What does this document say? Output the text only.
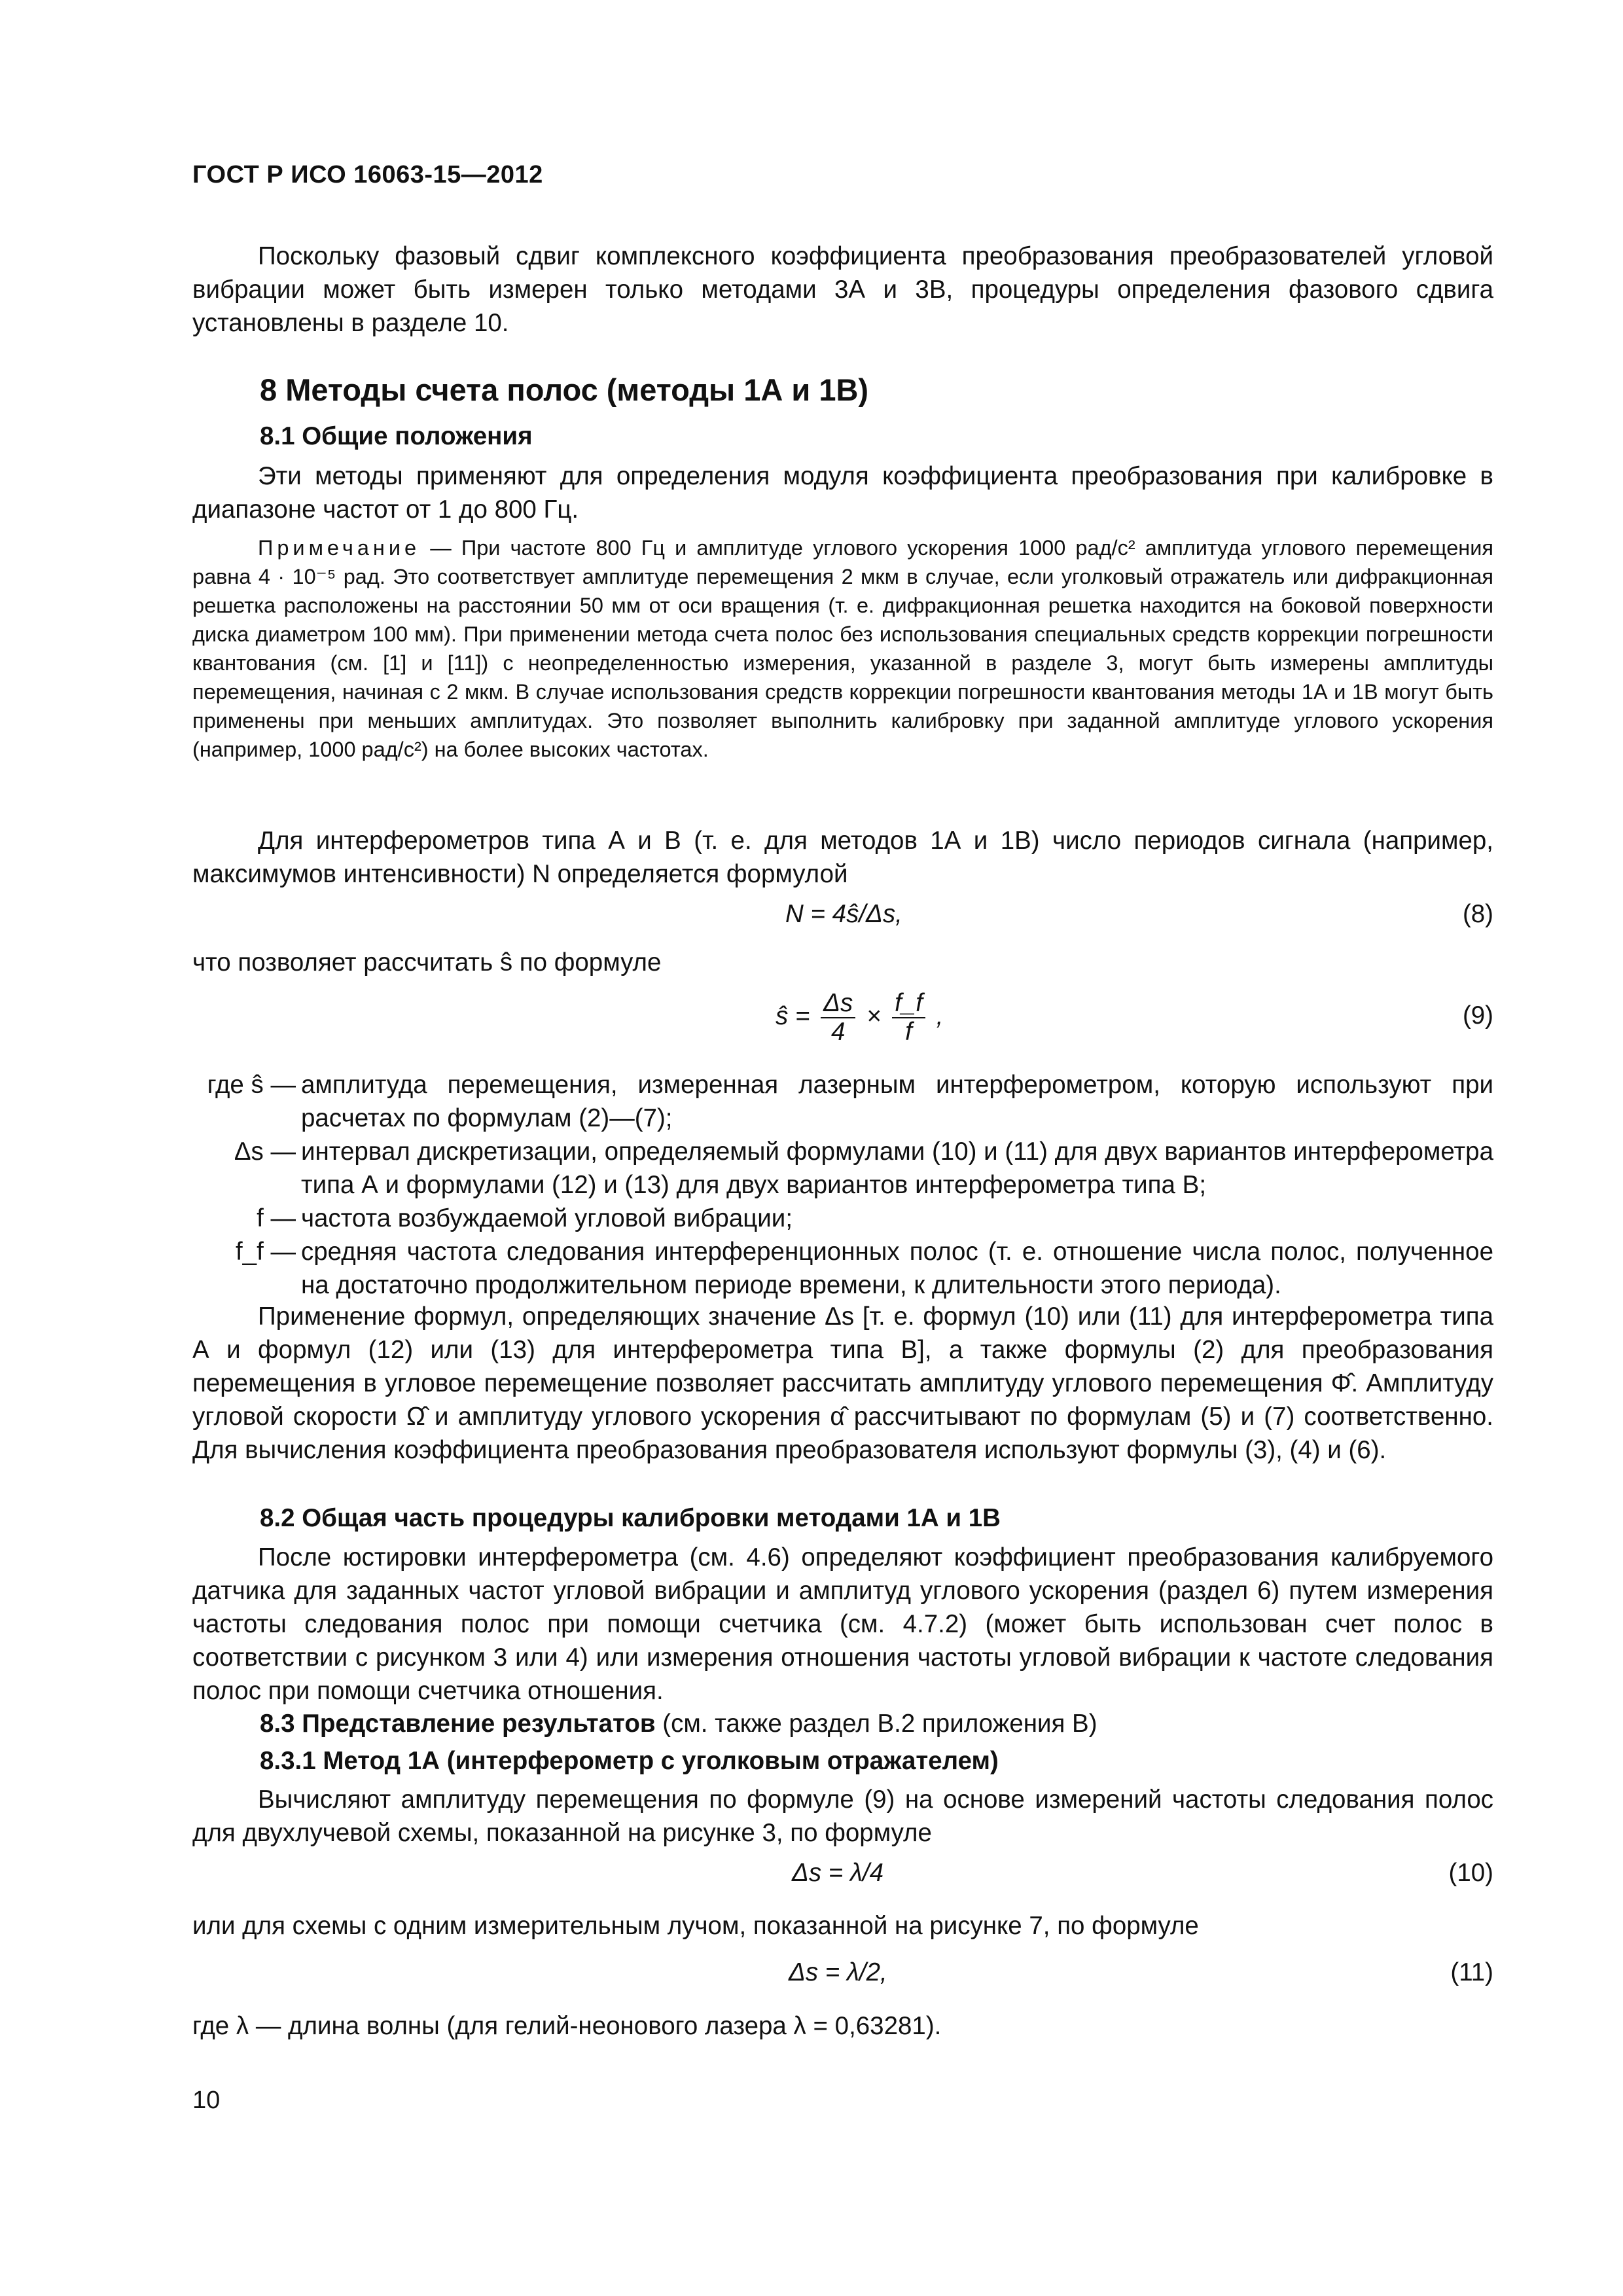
ГОСТ Р ИСО 16063-15—2012
Поскольку фазовый сдвиг комплексного коэффициента преобразования преобразователей угловой вибрации может быть измерен только методами 3А и 3В, процедуры определения фазового сдвига установлены в разделе 10.
8 Методы счета полос (методы 1А и 1В)
8.1 Общие положения
Эти методы применяют для определения модуля коэффициента преобразования при калибровке в диапазоне частот от 1 до 800 Гц.
Примечание — При частоте 800 Гц и амплитуде углового ускорения 1000 рад/с² амплитуда углового перемещения равна 4 · 10⁻⁵ рад. Это соответствует амплитуде перемещения 2 мкм в случае, если уголковый отражатель или дифракционная решетка расположены на расстоянии 50 мм от оси вращения (т. е. дифракционная решетка находится на боковой поверхности диска диаметром 100 мм). При применении метода счета полос без использования специальных средств коррекции погрешности квантования (см. [1] и [11]) с неопределенностью измерения, указанной в разделе 3, могут быть измерены амплитуды перемещения, начиная с 2 мкм. В случае использования средств коррекции погрешности квантования методы 1А и 1В могут быть применены при меньших амплитудах. Это позволяет выполнить калибровку при заданной амплитуде углового ускорения (например, 1000 рад/с²) на более высоких частотах.
Для интерферометров типа А и В (т. е. для методов 1А и 1В) число периодов сигнала (например, максимумов интенсивности) N определяется формулой
N = 4ŝ/Δs,	(8)
что позволяет рассчитать ŝ по формуле
ŝ = $\frac{\Delta s}{4} \times \frac{f\_f}{f}$ ,	(9)
где ŝ — амплитуда перемещения, измеренная лазерным интерферометром, которую используют при расчетах по формулам (2)—(7);
Δs — интервал дискретизации, определяемый формулами (10) и (11) для двух вариантов интерферометра типа А и формулами (12) и (13) для двух вариантов интерферометра типа В;
f — частота возбуждаемой угловой вибрации;
f_f — средняя частота следования интерференционных полос (т. е. отношение числа полос, полученное на достаточно продолжительном периоде времени, к длительности этого периода).
Применение формул, определяющих значение Δs [т. е. формул (10) или (11) для интерферометра типа А и формул (12) или (13) для интерферометра типа В], а также формулы (2) для преобразования перемещения в угловое перемещение позволяет рассчитать амплитуду углового перемещения Φ̂. Амплитуду угловой скорости Ω̂ и амплитуду углового ускорения α̂ рассчитывают по формулам (5) и (7) соответственно. Для вычисления коэффициента преобразования преобразователя используют формулы (3), (4) и (6).
8.2 Общая часть процедуры калибровки методами 1А и 1В
После юстировки интерферометра (см. 4.6) определяют коэффициент преобразования калибруемого датчика для заданных частот угловой вибрации и амплитуд углового ускорения (раздел 6) путем измерения частоты следования полос при помощи счетчика (см. 4.7.2) (может быть использован счет полос в соответствии с рисунком 3 или 4) или измерения отношения частоты угловой вибрации к частоте следования полос при помощи счетчика отношения.
8.3 Представление результатов (см. также раздел В.2 приложения В)
8.3.1 Метод 1А (интерферометр с уголковым отражателем)
Вычисляют амплитуду перемещения по формуле (9) на основе измерений частоты следования полос для двухлучевой схемы, показанной на рисунке 3, по формуле
Δs = λ/4	(10)
или для схемы с одним измерительным лучом, показанной на рисунке 7, по формуле
Δs = λ/2,	(11)
где λ — длина волны (для гелий-неонового лазера λ = 0,63281).
10
